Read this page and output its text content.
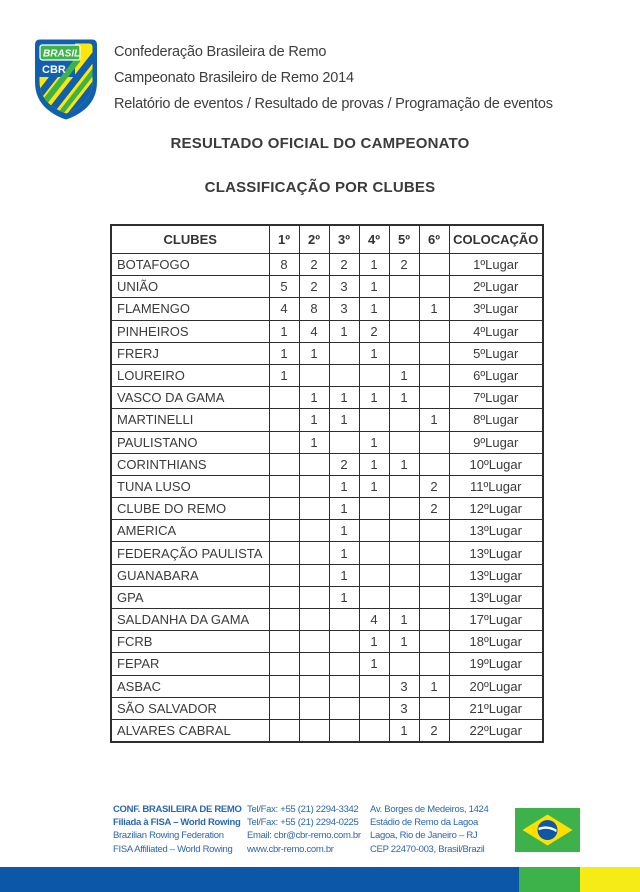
BRASIL
CBR
Confederação Brasileira de Remo
Campeonato Brasileiro de Remo 2014
Relatório de eventos / Resultado de provas / Programação de eventos
RESULTADO OFICIAL DO CAMPEONATO
CLASSIFICAÇÃO POR CLUBES
CLUBES	1º	2º	3º	4º	5º	6º	COLOCAÇÃO
BOTAFOGO	8	2	2	1	2		1ºLugar
UNIÃO	5	2	3	1			2ºLugar
FLAMENGO	4	8	3	1		1	3ºLugar
PINHEIROS	1	4	1	2			4ºLugar
FRERJ	1	1		1			5ºLugar
LOUREIRO	1				1		6ºLugar
VASCO DA GAMA		1	1	1	1		7ºLugar
MARTINELLI		1	1			1	8ºLugar
PAULISTANO		1		1			9ºLugar
CORINTHIANS			2	1	1		10ºLugar
TUNA LUSO			1	1		2	11ºLugar
CLUBE DO REMO			1			2	12ºLugar
AMERICA			1				13ºLugar
FEDERAÇÃO PAULISTA			1				13ºLugar
GUANABARA			1				13ºLugar
GPA			1				13ºLugar
SALDANHA DA GAMA				4	1		17ºLugar
FCRB				1	1		18ºLugar
FEPAR				1			19ºLugar
ASBAC					3	1	20ºLugar
SÃO SALVADOR					3		21ºLugar
ALVARES CABRAL					1	2	22ºLugar
CONF. BRASILEIRA DE REMO
Filiada à FISA – World Rowing
Brazilian Rowing Federation
FISA Affiliated – World Rowing
Tel/Fax: +55 (21) 2294-3342
Tel/Fax: +55 (21) 2294-0225
Email: cbr@cbr-remo.com.br
www.cbr-remo.com.br
Av. Borges de Medeiros, 1424
Estádio de Remo da Lagoa
Lagoa, Rio de Janeiro – RJ
CEP 22470-003, Brasil/Brazil
